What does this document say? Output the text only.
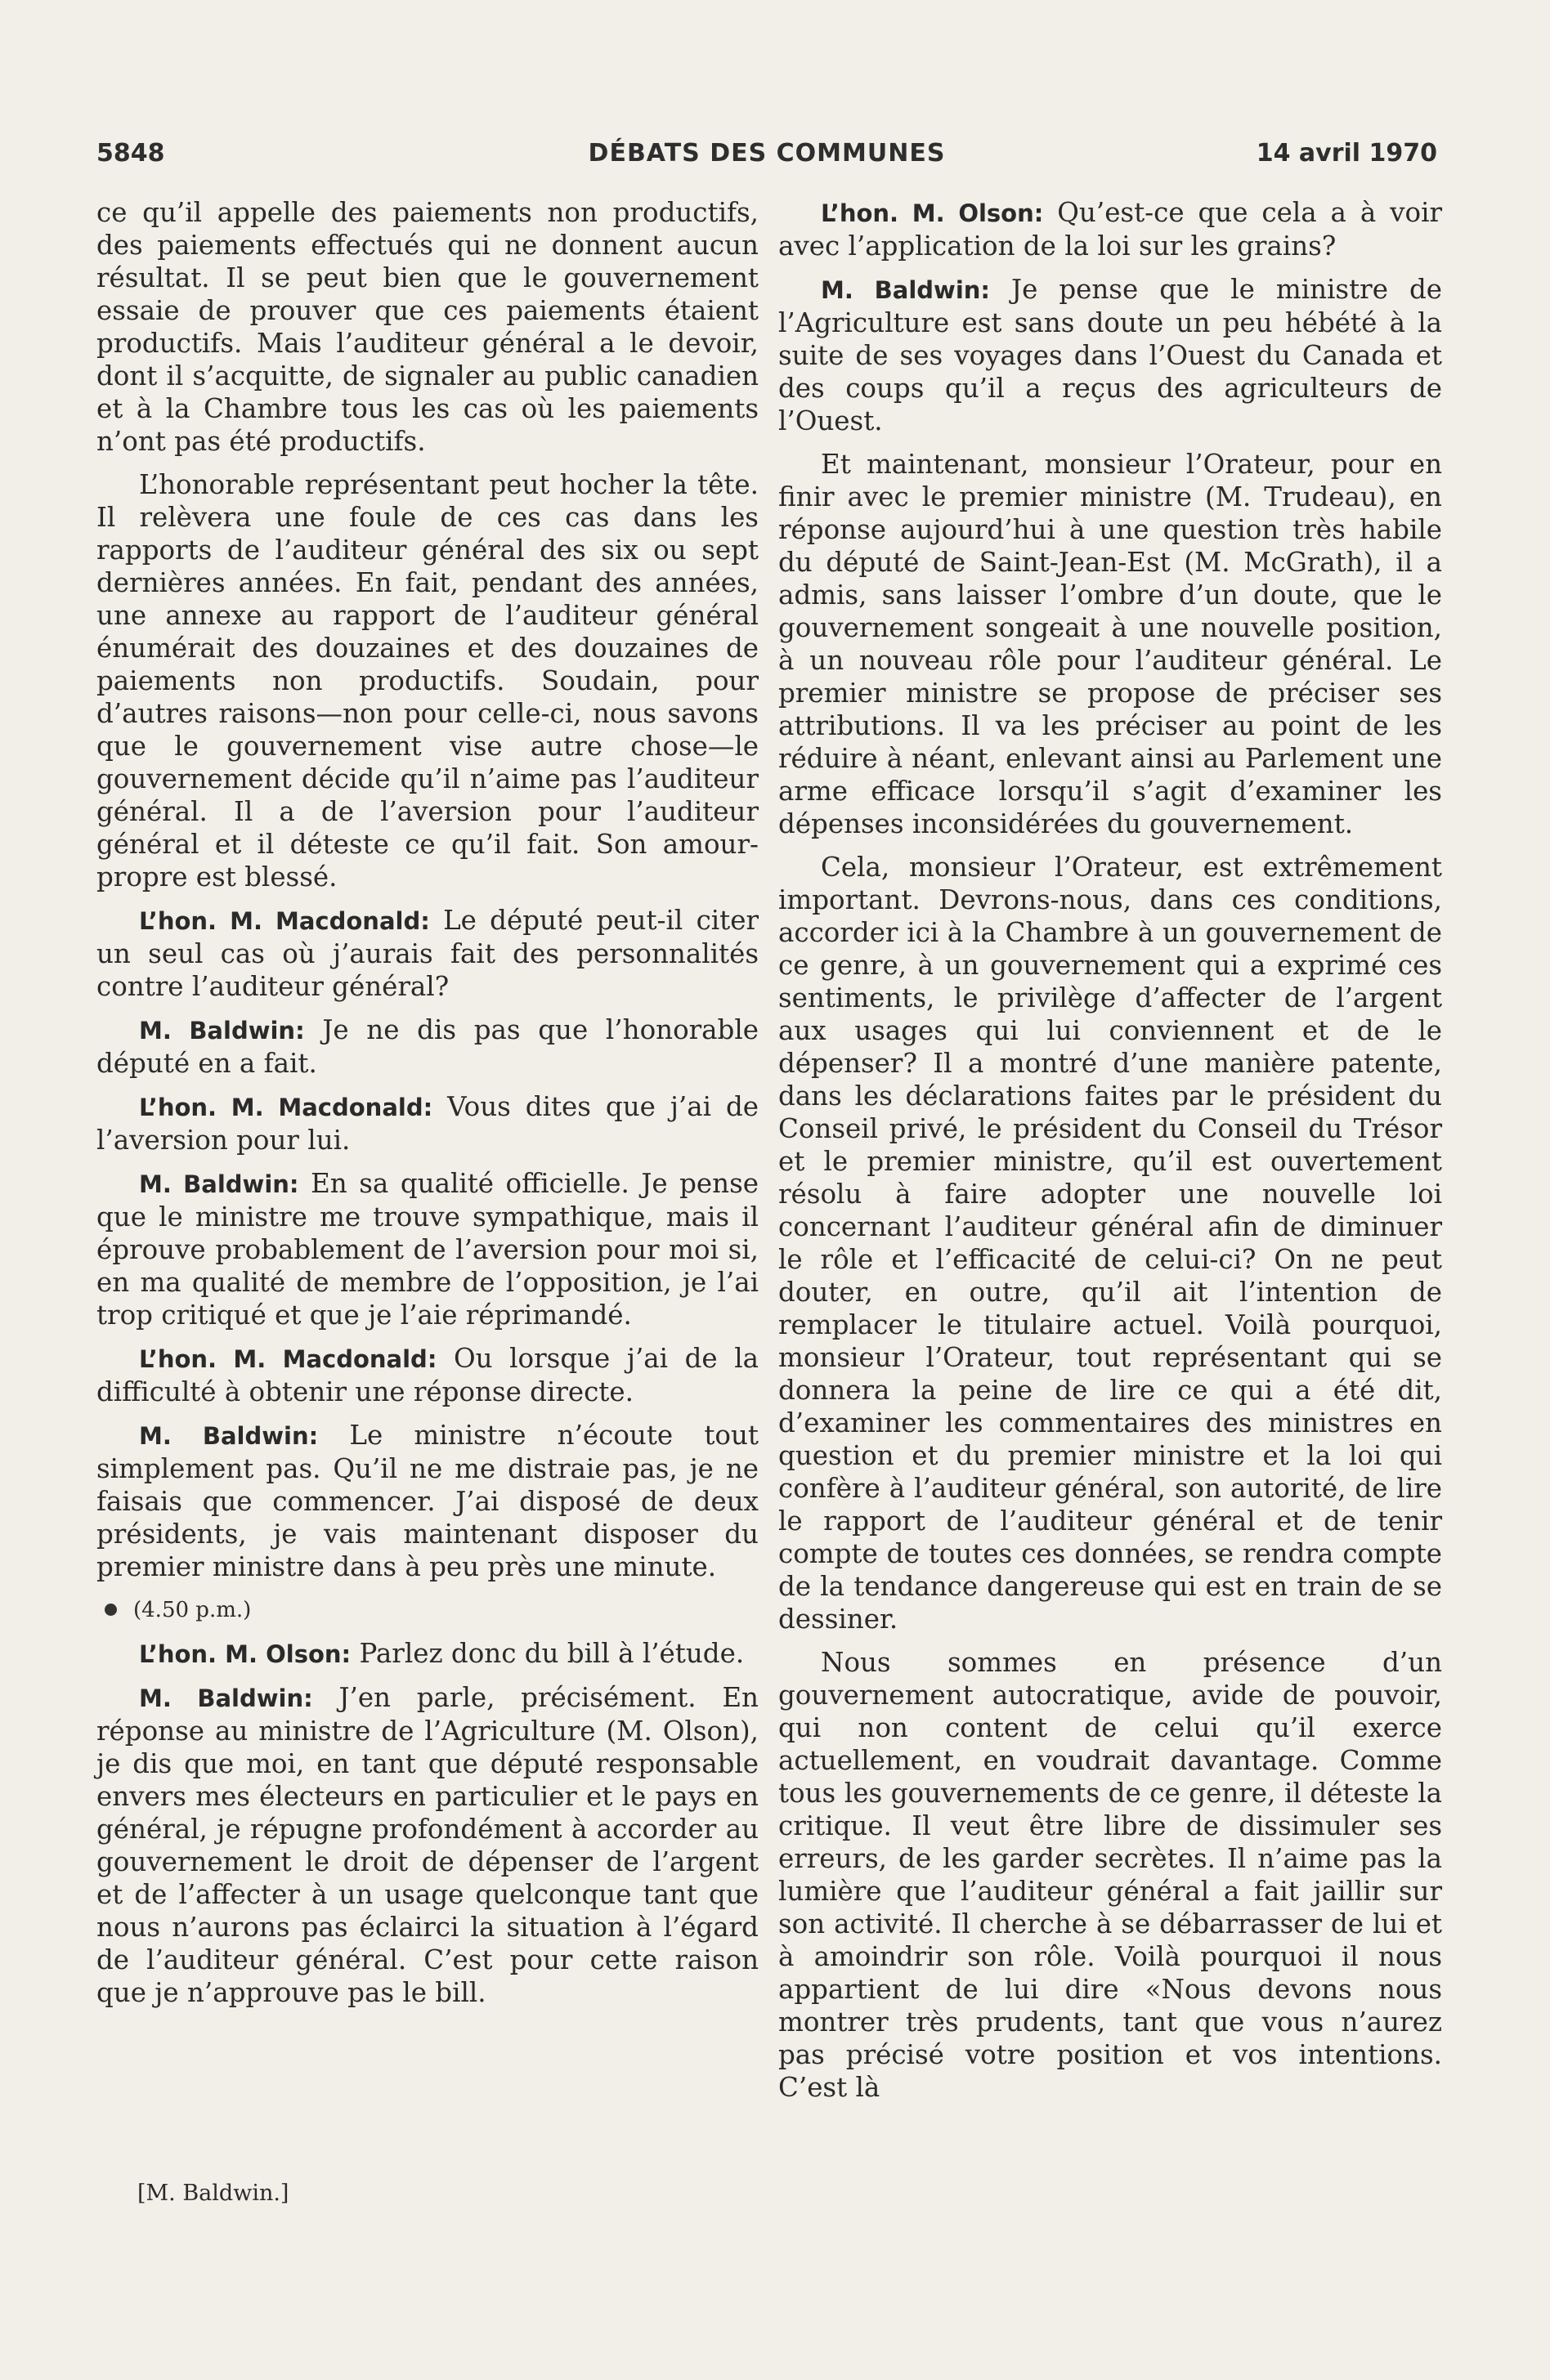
5848	DÉBATS DES COMMUNES	14 avril 1970

ce qu’il appelle des paiements non productifs, des paiements effectués qui ne donnent aucun résultat. Il se peut bien que le gouvernement essaie de prouver que ces paiements étaient productifs. Mais l’auditeur général a le devoir, dont il s’acquitte, de signaler au public canadien et à la Chambre tous les cas où les paiements n’ont pas été productifs.

L’honorable représentant peut hocher la tête. Il relèvera une foule de ces cas dans les rapports de l’auditeur général des six ou sept dernières années. En fait, pendant des années, une annexe au rapport de l’auditeur général énumérait des douzaines et des douzaines de paiements non productifs. Soudain, pour d’autres raisons—non pour celle-ci, nous savons que le gouvernement vise autre chose—le gouvernement décide qu’il n’aime pas l’auditeur général. Il a de l’aversion pour l’auditeur général et il déteste ce qu’il fait. Son amour-propre est blessé.

L’hon. M. Macdonald: Le député peut-il citer un seul cas où j’aurais fait des personnalités contre l’auditeur général?

M. Baldwin: Je ne dis pas que l’honorable député en a fait.

L’hon. M. Macdonald: Vous dites que j’ai de l’aversion pour lui.

M. Baldwin: En sa qualité officielle. Je pense que le ministre me trouve sympathique, mais il éprouve probablement de l’aversion pour moi si, en ma qualité de membre de l’opposition, je l’ai trop critiqué et que je l’aie réprimandé.

L’hon. M. Macdonald: Ou lorsque j’ai de la difficulté à obtenir une réponse directe.

M. Baldwin: Le ministre n’écoute tout simplement pas. Qu’il ne me distraie pas, je ne faisais que commencer. J’ai disposé de deux présidents, je vais maintenant disposer du premier ministre dans à peu près une minute.

(4.50 p.m.)

L’hon. M. Olson: Parlez donc du bill à l’étude.

M. Baldwin: J’en parle, précisément. En réponse au ministre de l’Agriculture (M. Olson), je dis que moi, en tant que député responsable envers mes électeurs en particulier et le pays en général, je répugne profondément à accorder au gouvernement le droit de dépenser de l’argent et de l’affecter à un usage quelconque tant que nous n’aurons pas éclairci la situation à l’égard de l’auditeur général. C’est pour cette raison que je n’approuve pas le bill.

[M. Baldwin.]

L’hon. M. Olson: Qu’est-ce que cela a à voir avec l’application de la loi sur les grains?

M. Baldwin: Je pense que le ministre de l’Agriculture est sans doute un peu hébété à la suite de ses voyages dans l’Ouest du Canada et des coups qu’il a reçus des agriculteurs de l’Ouest.

Et maintenant, monsieur l’Orateur, pour en finir avec le premier ministre (M. Trudeau), en réponse aujourd’hui à une question très habile du député de Saint-Jean-Est (M. McGrath), il a admis, sans laisser l’ombre d’un doute, que le gouvernement songeait à une nouvelle position, à un nouveau rôle pour l’auditeur général. Le premier ministre se propose de préciser ses attributions. Il va les préciser au point de les réduire à néant, enlevant ainsi au Parlement une arme efficace lorsqu’il s’agit d’examiner les dépenses inconsidérées du gouvernement.

Cela, monsieur l’Orateur, est extrêmement important. Devrons-nous, dans ces conditions, accorder ici à la Chambre à un gouvernement de ce genre, à un gouvernement qui a exprimé ces sentiments, le privilège d’affecter de l’argent aux usages qui lui conviennent et de le dépenser? Il a montré d’une manière patente, dans les déclarations faites par le président du Conseil privé, le président du Conseil du Trésor et le premier ministre, qu’il est ouvertement résolu à faire adopter une nouvelle loi concernant l’auditeur général afin de diminuer le rôle et l’efficacité de celui-ci? On ne peut douter, en outre, qu’il ait l’intention de remplacer le titulaire actuel. Voilà pourquoi, monsieur l’Orateur, tout représentant qui se donnera la peine de lire ce qui a été dit, d’examiner les commentaires des ministres en question et du premier ministre et la loi qui confère à l’auditeur général, son autorité, de lire le rapport de l’auditeur général et de tenir compte de toutes ces données, se rendra compte de la tendance dangereuse qui est en train de se dessiner.

Nous sommes en présence d’un gouvernement autocratique, avide de pouvoir, qui non content de celui qu’il exerce actuellement, en voudrait davantage. Comme tous les gouvernements de ce genre, il déteste la critique. Il veut être libre de dissimuler ses erreurs, de les garder secrètes. Il n’aime pas la lumière que l’auditeur général a fait jaillir sur son activité. Il cherche à se débarrasser de lui et à amoindrir son rôle. Voilà pourquoi il nous appartient de lui dire «Nous devons nous montrer très prudents, tant que vous n’aurez pas précisé votre position et vos intentions. C’est là
